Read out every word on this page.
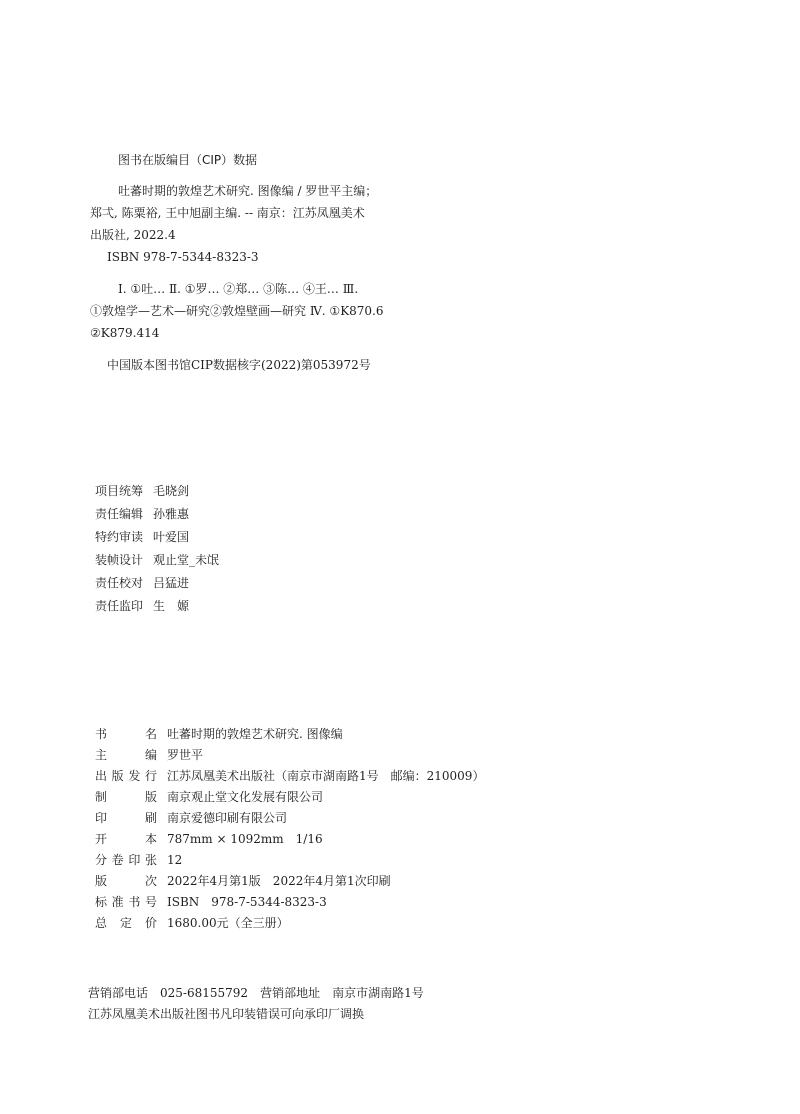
图书在版编目（CIP）数据
吐蕃时期的敦煌艺术研究. 图像编 / 罗世平主编；
郑弌, 陈粟裕, 王中旭副主编. -- 南京：江苏凤凰美术
出版社, 2022.4
ISBN 978-7-5344-8323-3
Ⅰ. ①吐… Ⅱ. ①罗… ②郑… ③陈… ④王… Ⅲ.
①敦煌学—艺术—研究②敦煌壁画—研究 Ⅳ. ①K870.6
②K879.414
中国版本图书馆CIP数据核字(2022)第053972号
项目统筹 毛晓剑
责任编辑 孙雅惠
特约审读 叶爱国
装帧设计 观止堂_未氓
责任校对 吕猛进
责任监印 生　嫄
书名 吐蕃时期的敦煌艺术研究. 图像编
主编 罗世平
出版发行 江苏凤凰美术出版社（南京市湖南路1号　邮编：210009）
制版 南京观止堂文化发展有限公司
印刷 南京爱德印刷有限公司
开本 787mm × 1092mm　1/16
分卷印张 12
版次 2022年4月第1版　2022年4月第1次印刷
标准书号 ISBN　978-7-5344-8323-3
总定价 1680.00元（全三册）
营销部电话　 025-68155792　 营销部地址　 南京市湖南路1号
江苏凤凰美术出版社图书凡印装错误可向承印厂调换
